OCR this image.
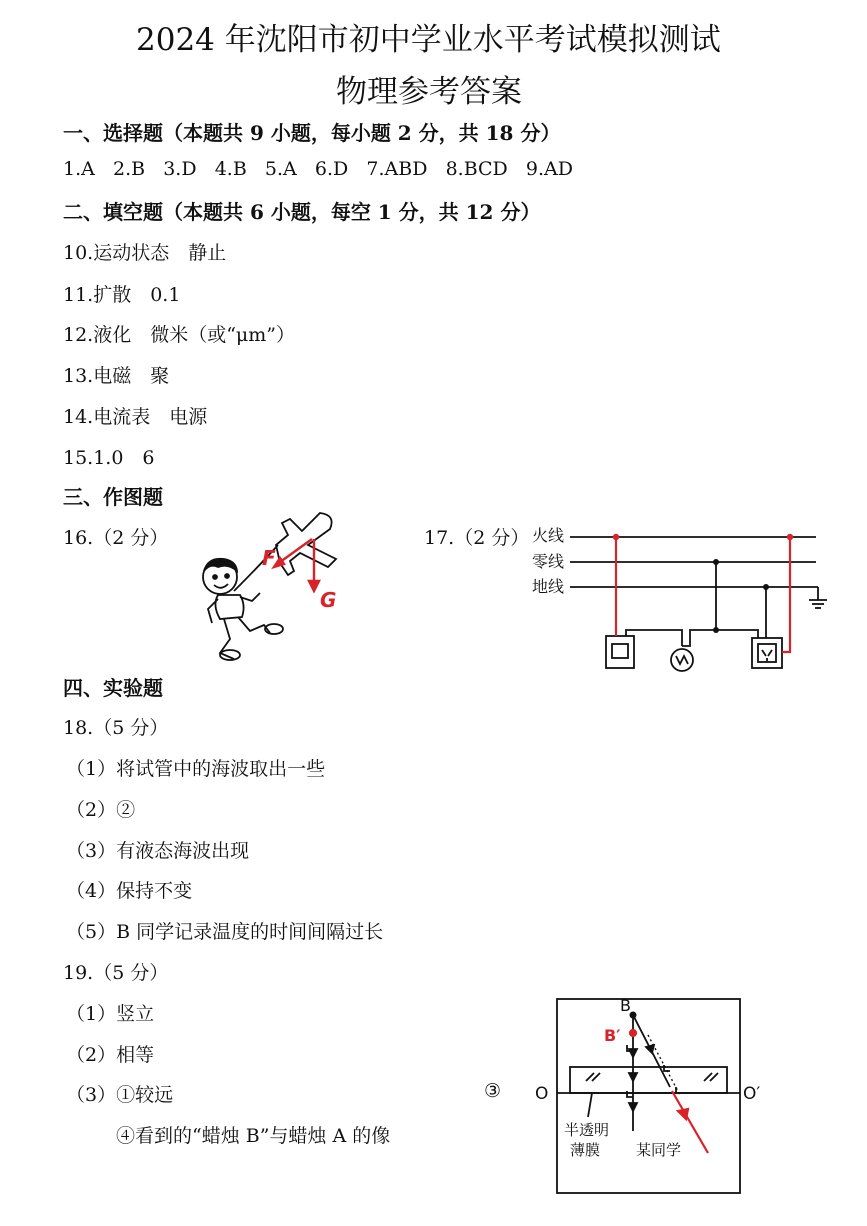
2024 年沈阳市初中学业水平考试模拟测试
物理参考答案
一、选择题（本题共 9 小题，每小题 2 分，共 18 分）
1.A 2.B 3.D 4.B 5.A 6.D 7.ABD 8.BCD 9.AD
二、填空题（本题共 6 小题，每空 1 分，共 12 分）
10.运动状态　静止
11.扩散　0.1
12.液化　微米（或“μm”）
13.电磁　聚
14.电流表　电源
15.1.0　6
三、作图题
16.（2 分）	17.（2 分）
F
G
火线
零线
地线
四、实验题
18.（5 分）
（1）将试管中的海波取出一些
（2）②
（3）有液态海波出现
（4）保持不变
（5）B 同学记录温度的时间间隔过长
19.（5 分）
（1）竖立
（2）相等
（3）①较远
④看到的“蜡烛 B”与蜡烛 A 的像
③
B
B′
O	O′
半透明
薄膜 某同学
